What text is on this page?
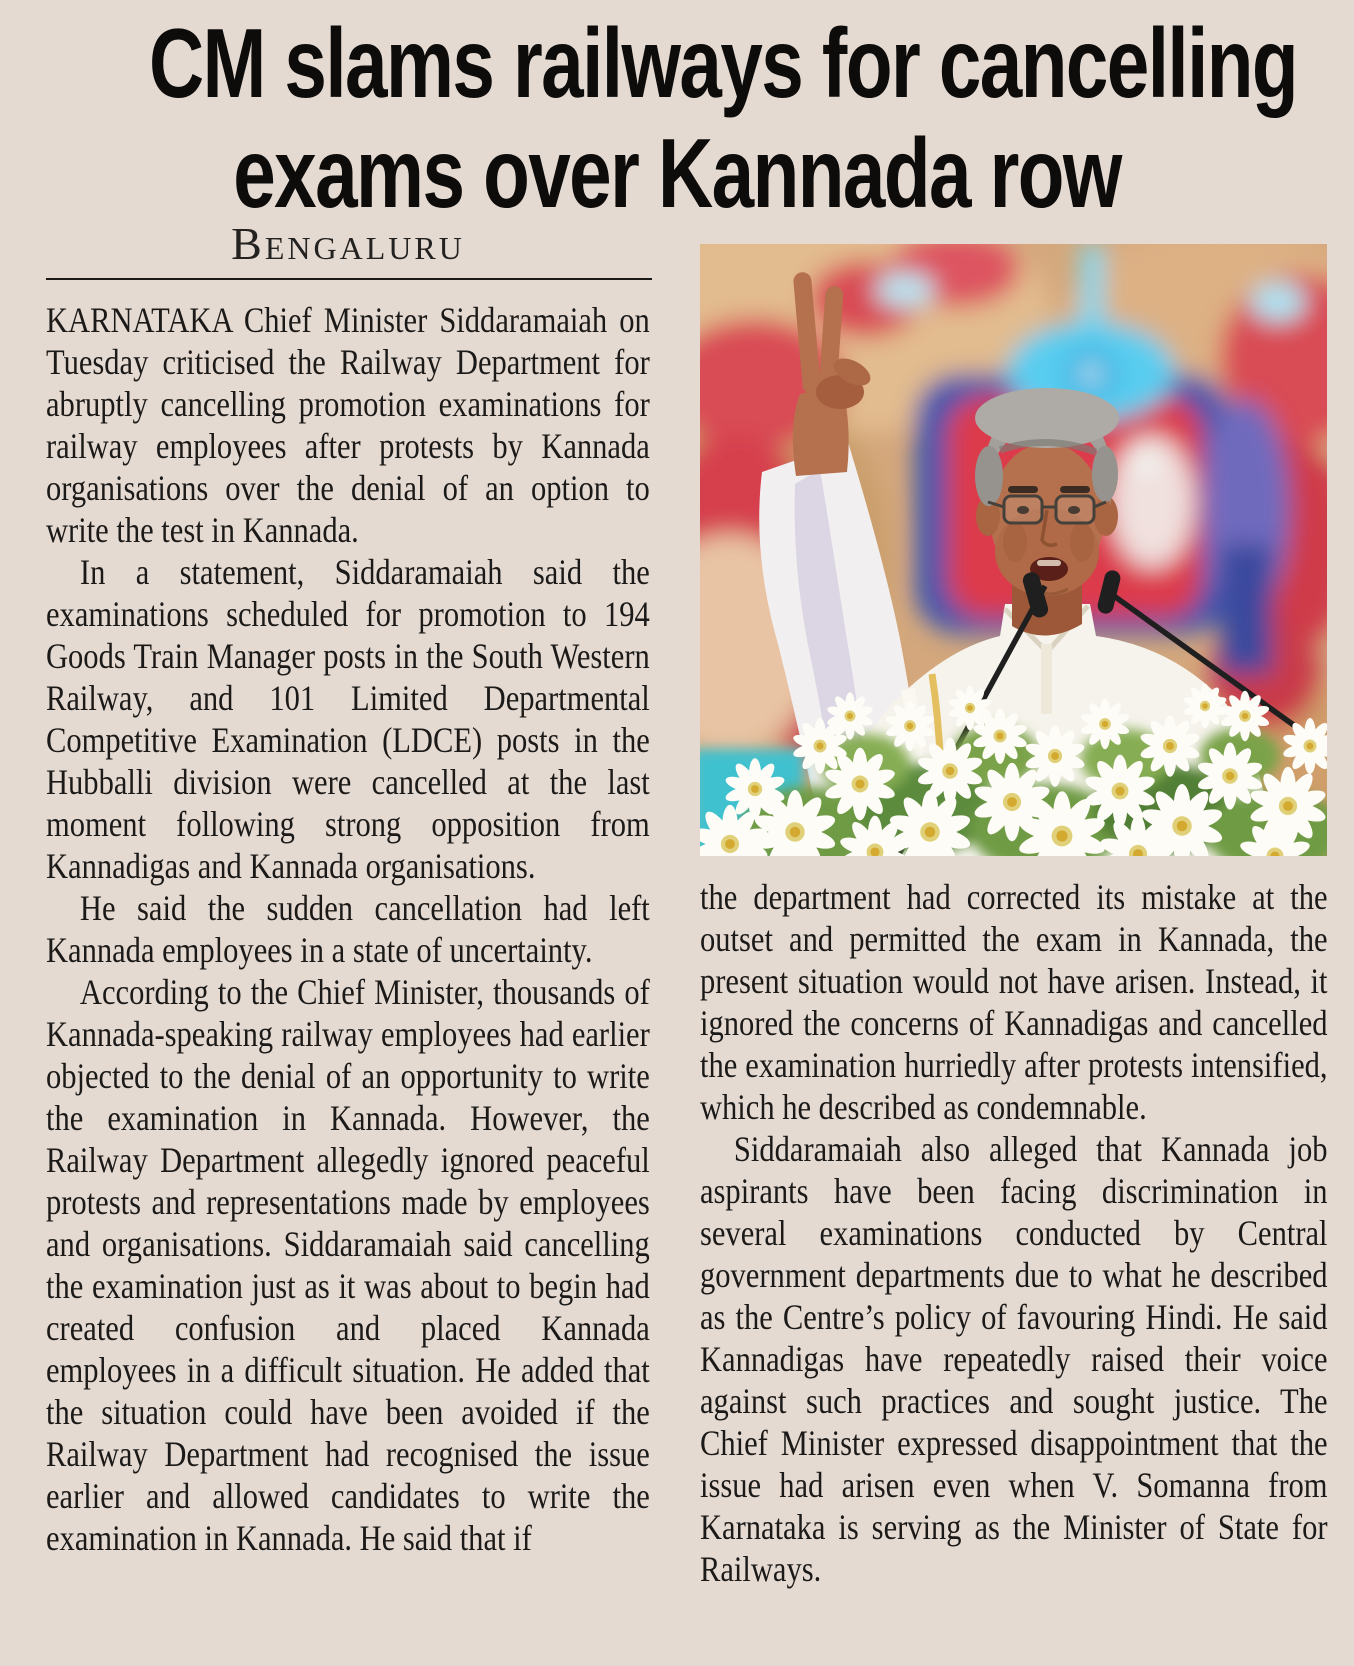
CM slams railways for cancelling
exams over Kannada row
Bengaluru

KARNATAKA Chief Minister Siddaramaiah on Tuesday criticised the Railway Department for abruptly cancelling promotion examinations for railway employees after protests by Kannada organisations over the denial of an option to write the test in Kannada.

In a statement, Siddaramaiah said the examinations scheduled for promotion to 194 Goods Train Manager posts in the South Western Railway, and 101 Limited Departmental Competitive Examination (LDCE) posts in the Hubballi division were cancelled at the last moment following strong opposition from Kannadigas and Kannada organisations.

He said the sudden cancellation had left Kannada employees in a state of uncertainty.

According to the Chief Minister, thousands of Kannada-speaking railway employees had earlier objected to the denial of an opportunity to write the examination in Kannada. However, the Railway Department allegedly ignored peaceful protests and representations made by employees and organisations. Siddaramaiah said cancelling the examination just as it was about to begin had created confusion and placed Kannada employees in a difficult situation. He added that the situation could have been avoided if the Railway Department had recognised the issue earlier and allowed candidates to write the examination in Kannada. He said that if

the department had corrected its mistake at the outset and permitted the exam in Kannada, the present situation would not have arisen. Instead, it ignored the concerns of Kannadigas and cancelled the examination hurriedly after protests intensified, which he described as condemnable.

Siddaramaiah also alleged that Kannada job aspirants have been facing discrimination in several examinations conducted by Central government departments due to what he described as the Centre’s policy of favouring Hindi. He said Kannadigas have repeatedly raised their voice against such practices and sought justice. The Chief Minister expressed disappointment that the issue had arisen even when V. Somanna from Karnataka is serving as the Minister of State for Railways.
